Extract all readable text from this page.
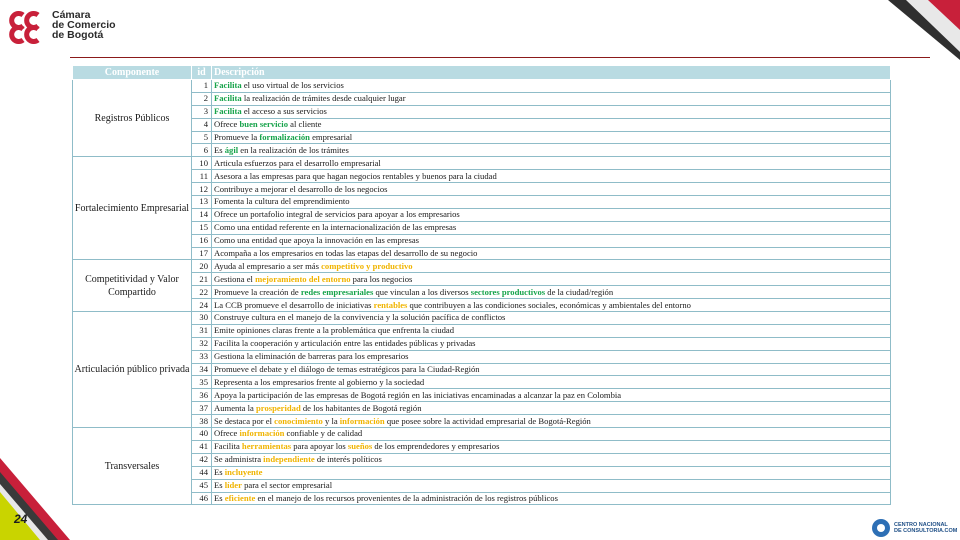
Cámara
de Comercio
de Bogotá
24	CENTRO NACIONAL
DE CONSULTORIA.COM
Componente	id	Descripción
Registros Públicos	1	Facilita el uso virtual de los servicios
	2	Facilita la realización de trámites desde cualquier lugar
	3	Facilita el acceso a sus servicios
	4	Ofrece buen servicio al cliente
	5	Promueve la formalización empresarial
	6	Es ágil en la realización de los trámites
Fortalecimiento Empresarial	10	Articula esfuerzos para el desarrollo empresarial
	11	Asesora a las empresas para que hagan negocios rentables y buenos para la ciudad
	12	Contribuye a mejorar el desarrollo de los negocios
	13	Fomenta la cultura del emprendimiento
	14	Ofrece un portafolio integral de servicios para apoyar a los empresarios
	15	Como una entidad referente en la internacionalización de las empresas
	16	Como una entidad que apoya la innovación en las empresas
	17	Acompaña a los empresarios en todas las etapas del desarrollo de su negocio
Competitividad y Valor Compartido	20	Ayuda al empresario a ser más competitivo y productivo
	21	Gestiona el mejoramiento del entorno para los negocios
	22	Promueve la creación de redes empresariales que vinculan a los diversos sectores productivos de la ciudad/región
	24	La CCB promueve el desarrollo de iniciativas rentables que contribuyen a las condiciones sociales, económicas y ambientales del entorno
Articulación público privada	30	Construye cultura en el manejo de la convivencia y la solución pacífica de conflictos
	31	Emite opiniones claras frente a la problemática que enfrenta la ciudad
	32	Facilita la cooperación y articulación entre las entidades públicas y privadas
	33	Gestiona la eliminación de barreras para los empresarios
	34	Promueve el debate y el diálogo de temas estratégicos para la Ciudad-Región
	35	Representa a los empresarios frente al gobierno y la sociedad
	36	Apoya la participación de las empresas de Bogotá región en las iniciativas encaminadas a alcanzar la paz en Colombia
	37	Aumenta la prosperidad de los habitantes de Bogotá región
	38	Se destaca por el conocimiento y la información que posee sobre la actividad empresarial de Bogotá-Región
Transversales	40	Ofrece información confiable y de calidad
	41	Facilita herramientas para apoyar los sueños de los emprendedores y empresarios
	42	Se administra independiente de interés políticos
	44	Es incluyente
	45	Es líder para el sector empresarial
	46	Es eficiente en el manejo de los recursos provenientes de la administración de los registros públicos
